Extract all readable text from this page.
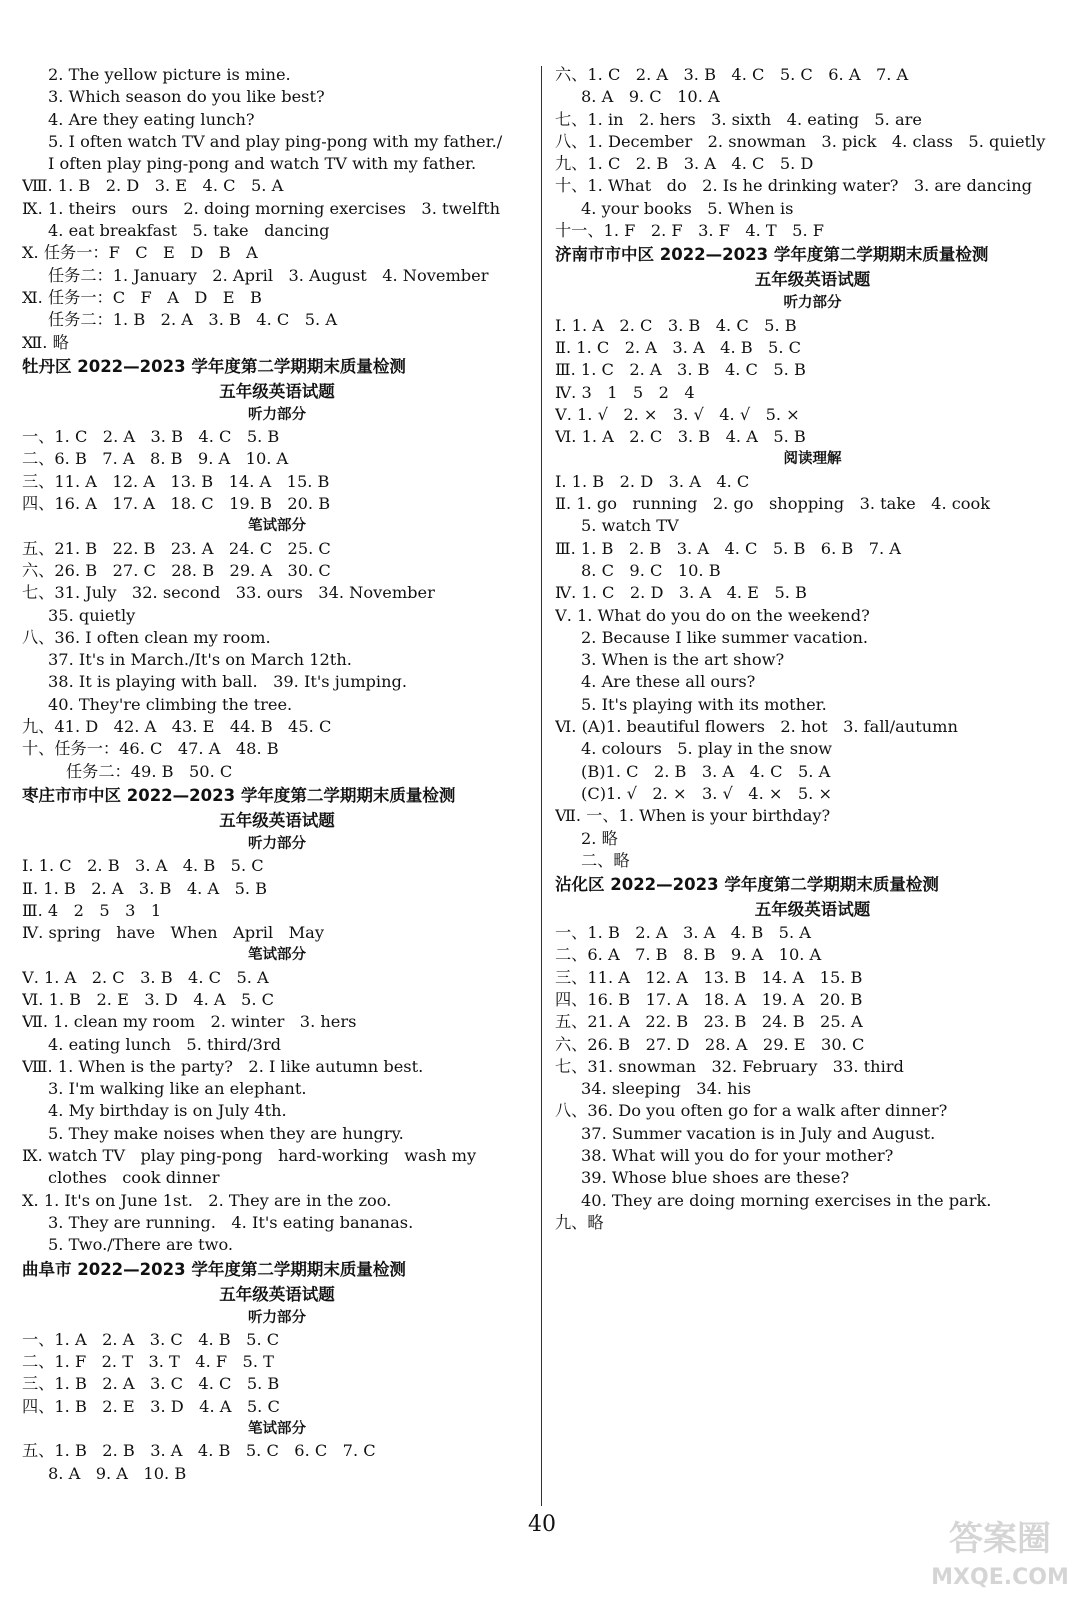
2. The yellow picture is mine.
3. Which season do you like best?
4. Are they eating lunch?
5. I often watch TV and play ping-pong with my father./
I often play ping-pong and watch TV with my father.
Ⅷ. 1. B   2. D   3. E   4. C   5. A
Ⅸ. 1. theirs   ours   2. doing morning exercises   3. twelfth
4. eat breakfast   5. take   dancing
Ⅹ. 任务一：F   C   E   D   B   A
任务二：1. January   2. April   3. August   4. November
Ⅺ. 任务一：C   F   A   D   E   B
任务二：1. B   2. A   3. B   4. C   5. A
Ⅻ. 略
牡丹区 2022—2023 学年度第二学期期末质量检测
五年级英语试题
听力部分
一、1. C   2. A   3. B   4. C   5. B
二、6. B   7. A   8. B   9. A   10. A
三、11. A   12. A   13. B   14. A   15. B
四、16. A   17. A   18. C   19. B   20. B
笔试部分
五、21. B   22. B   23. A   24. C   25. C
六、26. B   27. C   28. B   29. A   30. C
七、31. July   32. second   33. ours   34. November
35. quietly
八、36. I often clean my room.
37. It's in March./It's on March 12th.
38. It is playing with ball.   39. It's jumping.
40. They're climbing the tree.
九、41. D   42. A   43. E   44. B   45. C
十、任务一：46. C   47. A   48. B
任务二：49. B   50. C
枣庄市市中区 2022—2023 学年度第二学期期末质量检测
五年级英语试题
听力部分
Ⅰ. 1. C   2. B   3. A   4. B   5. C
Ⅱ. 1. B   2. A   3. B   4. A   5. B
Ⅲ. 4   2   5   3   1
Ⅳ. spring   have   When   April   May
笔试部分
Ⅴ. 1. A   2. C   3. B   4. C   5. A
Ⅵ. 1. B   2. E   3. D   4. A   5. C
Ⅶ. 1. clean my room   2. winter   3. hers
4. eating lunch   5. third/3rd
Ⅷ. 1. When is the party?   2. I like autumn best.
3. I'm walking like an elephant.
4. My birthday is on July 4th.
5. They make noises when they are hungry.
Ⅸ. watch TV   play ping-pong   hard-working   wash my
clothes   cook dinner
Ⅹ. 1. It's on June 1st.   2. They are in the zoo.
3. They are running.   4. It's eating bananas.
5. Two./There are two.
曲阜市 2022—2023 学年度第二学期期末质量检测
五年级英语试题
听力部分
一、1. A   2. A   3. C   4. B   5. C
二、1. F   2. T   3. T   4. F   5. T
三、1. B   2. A   3. C   4. C   5. B
四、1. B   2. E   3. D   4. A   5. C
笔试部分
五、1. B   2. B   3. A   4. B   5. C   6. C   7. C
8. A   9. A   10. B
六、1. C   2. A   3. B   4. C   5. C   6. A   7. A
8. A   9. C   10. A
七、1. in   2. hers   3. sixth   4. eating   5. are
八、1. December   2. snowman   3. pick   4. class   5. quietly
九、1. C   2. B   3. A   4. C   5. D
十、1. What   do   2. Is he drinking water?   3. are dancing
4. your books   5. When is
十一、1. F   2. F   3. F   4. T   5. F
济南市市中区 2022—2023 学年度第二学期期末质量检测
五年级英语试题
听力部分
Ⅰ. 1. A   2. C   3. B   4. C   5. B
Ⅱ. 1. C   2. A   3. A   4. B   5. C
Ⅲ. 1. C   2. A   3. B   4. C   5. B
Ⅳ. 3   1   5   2   4
Ⅴ. 1. √   2. ×   3. √   4. √   5. ×
Ⅵ. 1. A   2. C   3. B   4. A   5. B
阅读理解
Ⅰ. 1. B   2. D   3. A   4. C
Ⅱ. 1. go   running   2. go   shopping   3. take   4. cook
5. watch TV
Ⅲ. 1. B   2. B   3. A   4. C   5. B   6. B   7. A
8. C   9. C   10. B
Ⅳ. 1. C   2. D   3. A   4. E   5. B
Ⅴ. 1. What do you do on the weekend?
2. Because I like summer vacation.
3. When is the art show?
4. Are these all ours?
5. It's playing with its mother.
Ⅵ. (A)1. beautiful flowers   2. hot   3. fall/autumn
4. colours   5. play in the snow
(B)1. C   2. B   3. A   4. C   5. A
(C)1. √   2. ×   3. √   4. ×   5. ×
Ⅶ. 一、1. When is your birthday?
2. 略
二、略
沾化区 2022—2023 学年度第二学期期末质量检测
五年级英语试题
一、1. B   2. A   3. A   4. B   5. A
二、6. A   7. B   8. B   9. A   10. A
三、11. A   12. A   13. B   14. A   15. B
四、16. B   17. A   18. A   19. A   20. B
五、21. A   22. B   23. B   24. B   25. A
六、26. B   27. D   28. A   29. E   30. C
七、31. snowman   32. February   33. third
34. sleeping   34. his
八、36. Do you often go for a walk after dinner?
37. Summer vacation is in July and August.
38. What will you do for your mother?
39. Whose blue shoes are these?
40. They are doing morning exercises in the park.
九、略
40	答案圈
MXQE.COM
